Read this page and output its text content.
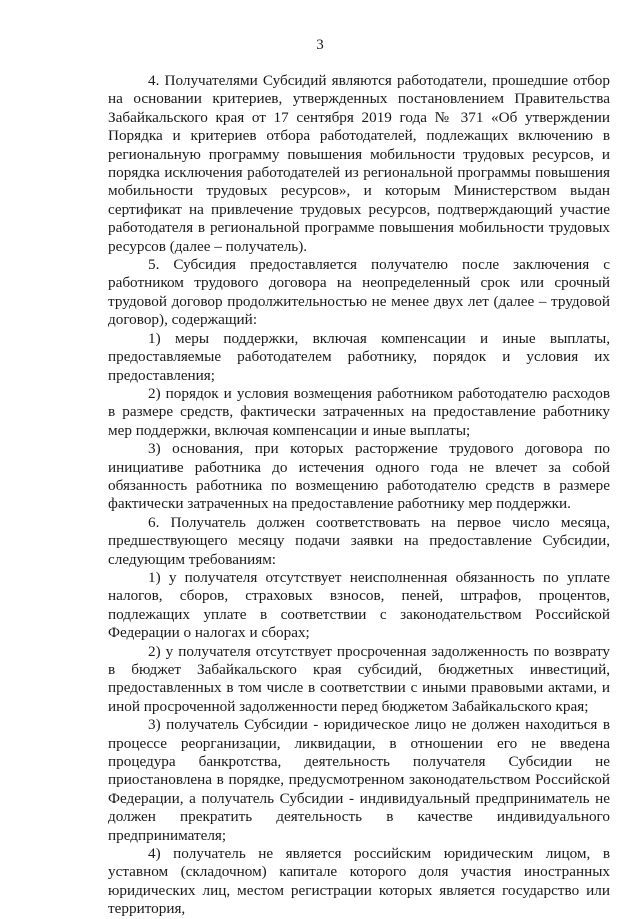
3

4. Получателями Субсидий являются работодатели, прошедшие отбор на основании критериев, утвержденных постановлением Правительства Забайкальского края от 17 сентября 2019 года № 371 «Об утверждении Порядка и критериев отбора работодателей, подлежащих включению в региональную программу повышения мобильности трудовых ресурсов, и порядка исключения работодателей из региональной программы повышения мобильности трудовых ресурсов», и которым Министерством выдан сертификат на привлечение трудовых ресурсов, подтверждающий участие работодателя в региональной программе повышения мобильности трудовых ресурсов (далее – получатель).

5. Субсидия предоставляется получателю после заключения с работником трудового договора на неопределенный срок или срочный трудовой договор продолжительностью не менее двух лет (далее – трудовой договор), содержащий:

1) меры поддержки, включая компенсации и иные выплаты, предоставляемые работодателем работнику, порядок и условия их предоставления;

2) порядок и условия возмещения работником работодателю расходов в размере средств, фактически затраченных на предоставление работнику мер поддержки, включая компенсации и иные выплаты;

3) основания, при которых расторжение трудового договора по инициативе работника до истечения одного года не влечет за собой обязанность работника по возмещению работодателю средств в размере фактически затраченных на предоставление работнику мер поддержки.

6. Получатель должен соответствовать на первое число месяца, предшествующего месяцу подачи заявки на предоставление Субсидии, следующим требованиям:

1) у получателя отсутствует неисполненная обязанность по уплате налогов, сборов, страховых взносов, пеней, штрафов, процентов, подлежащих уплате в соответствии с законодательством Российской Федерации о налогах и сборах;

2) у получателя отсутствует просроченная задолженность по возврату в бюджет Забайкальского края субсидий, бюджетных инвестиций, предоставленных в том числе в соответствии с иными правовыми актами, и иной просроченной задолженности перед бюджетом Забайкальского края;

3) получатель Субсидии - юридическое лицо не должен находиться в процессе реорганизации, ликвидации, в отношении его не введена процедура банкротства, деятельность получателя Субсидии не приостановлена в порядке, предусмотренном законодательством Российской Федерации, а получатель Субсидии - индивидуальный предприниматель не должен прекратить деятельность в качестве индивидуального предпринимателя;

4) получатель не является российским юридическим лицом, в уставном (складочном) капитале которого доля участия иностранных юридических лиц, местом регистрации которых является государство или территория,
